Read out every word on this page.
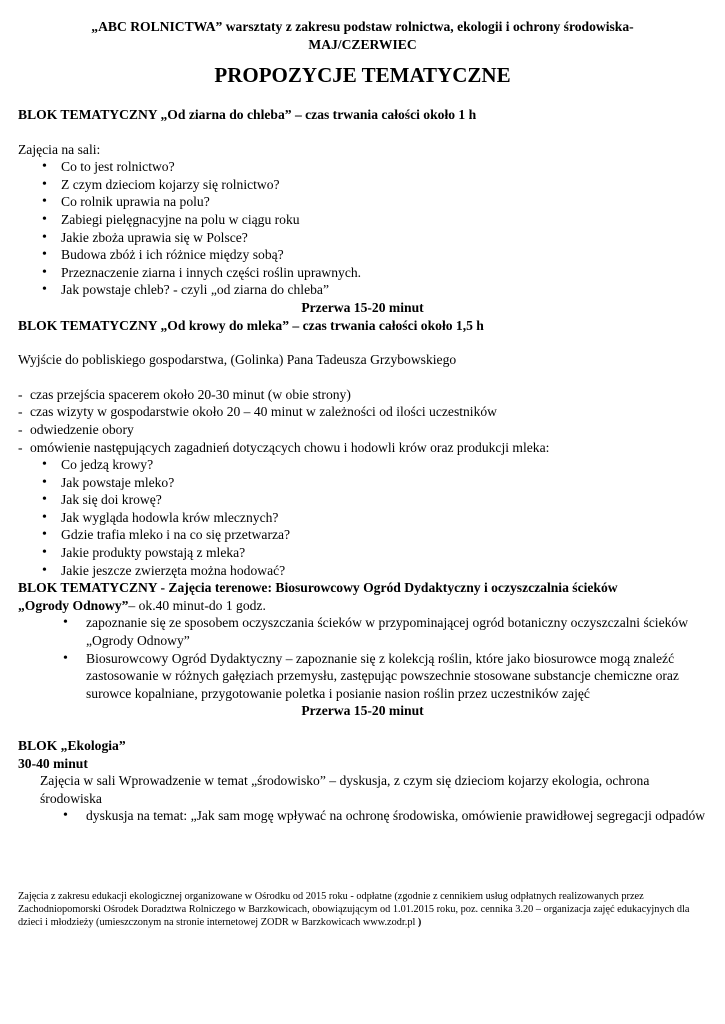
„ABC ROLNICTWA” warsztaty z zakresu podstaw rolnictwa, ekologii i ochrony środowiska-
MAJ/CZERWIEC
PROPOZYCJE TEMATYCZNE

BLOK TEMATYCZNY „Od ziarna do chleba” – czas trwania całości około 1 h

Zajęcia na sali:

• Co to jest rolnictwo?
• Z czym dzieciom kojarzy się rolnictwo?
• Co rolnik uprawia na polu?
• Zabiegi pielęgnacyjne na polu w ciągu roku
• Jakie zboża uprawia się w Polsce?
• Budowa zbóż i ich różnice między sobą?
• Przeznaczenie ziarna i innych części roślin uprawnych.
• Jak powstaje chleb? - czyli „od ziarna do chleba”

Przerwa 15-20 minut

BLOK TEMATYCZNY „Od krowy do mleka” – czas trwania całości około 1,5 h

Wyjście do pobliskiego gospodarstwa, (Golinka) Pana Tadeusza Grzybowskiego

- czas przejścia spacerem około 20-30 minut (w obie strony)
- czas wizyty w gospodarstwie około 20 – 40 minut w zależności od ilości uczestników
- odwiedzenie obory
- omówienie następujących zagadnień dotyczących chowu i hodowli krów oraz produkcji mleka:
• Co jedzą krowy?
• Jak powstaje mleko?
• Jak się doi krowę?
• Jak wygląda hodowla krów mlecznych?
• Gdzie trafia mleko i na co się przetwarza?
• Jakie produkty powstają z mleka?
• Jakie jeszcze zwierzęta można hodować?

BLOK TEMATYCZNY - Zajęcia terenowe: Biosurowcowy Ogród Dydaktyczny i oczyszczalnia ścieków

„Ogrody Odnowy”– ok.40 minut-do 1 godz.

• zapoznanie się ze sposobem oczyszczania ścieków w przypominającej ogród botaniczny oczyszczalni ścieków „Ogrody Odnowy”
• Biosurowcowy Ogród Dydaktyczny – zapoznanie się z kolekcją roślin, które jako biosurowce mogą znaleźć zastosowanie w różnych gałęziach przemysłu, zastępując powszechnie stosowane substancje chemiczne oraz surowce kopalniane, przygotowanie poletka i posianie nasion roślin przez uczestników zajęć

Przerwa 15-20 minut

BLOK „Ekologia”

30-40 minut

Zajęcia w sali Wprowadzenie w temat „środowisko” – dyskusja, z czym się dzieciom kojarzy ekologia, ochrona środowiska

• dyskusja na temat: „Jak sam mogę wpływać na ochronę środowiska, omówienie prawidłowej segregacji odpadów
Zajęcia z zakresu edukacji ekologicznej organizowane w Ośrodku od 2015 roku - odpłatne (zgodnie z cennikiem usług odpłatnych realizowanych przez Zachodniopomorski Ośrodek Doradztwa Rolniczego w Barzkowicach, obowiązującym od 1.01.2015 roku, poz. cennika 3.20 – organizacja zajęć edukacyjnych dla dzieci i młodzieży (umieszczonym na stronie internetowej ZODR w Barzkowicach www.zodr.pl )
